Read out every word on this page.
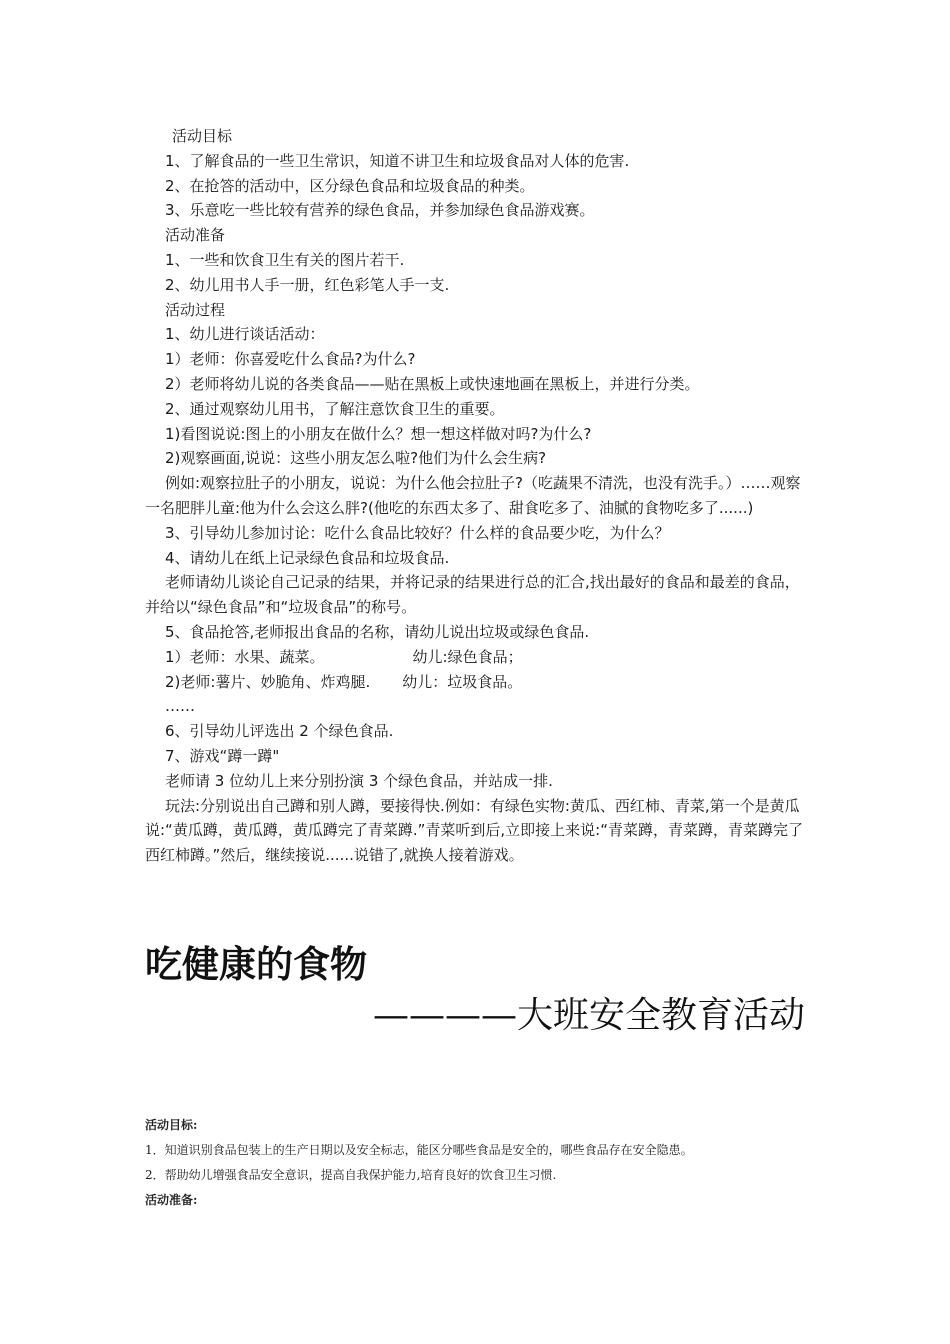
活动目标

1、了解食品的一些卫生常识，知道不讲卫生和垃圾食品对人体的危害.

2、在抢答的活动中，区分绿色食品和垃圾食品的种类。

3、乐意吃一些比较有营养的绿色食品，并参加绿色食品游戏赛。

活动准备

1、一些和饮食卫生有关的图片若干.

2、幼儿用书人手一册，红色彩笔人手一支.

活动过程

1、幼儿进行谈话活动：

1）老师：你喜爱吃什么食品?为什么?

2）老师将幼儿说的各类食品——贴在黑板上或快速地画在黑板上，并进行分类。

2、通过观察幼儿用书，了解注意饮食卫生的重要。

1)看图说说:图上的小朋友在做什么？想一想这样做对吗?为什么?

2)观察画面,说说：这些小朋友怎么啦?他们为什么会生病?

例如:观察拉肚子的小朋友，说说：为什么他会拉肚子?（吃蔬果不清洗，也没有洗手。）……观察一名肥胖儿童:他为什么会这么胖?(他吃的东西太多了、甜食吃多了、油腻的食物吃多了......)

3、引导幼儿参加讨论：吃什么食品比较好？什么样的食品要少吃，为什么？

4、请幼儿在纸上记录绿色食品和垃圾食品.

老师请幼儿谈论自己记录的结果，并将记录的结果进行总的汇合,找出最好的食品和最差的食品，并给以“绿色食品”和“垃圾食品”的称号。

5、食品抢答,老师报出食品的名称，请幼儿说出垃圾或绿色食品.

1）老师：水果、蔬菜。	幼儿:绿色食品；

2)老师:薯片、妙脆角、炸鸡腿. 幼儿：垃圾食品。

……

6、引导幼儿评选出 2 个绿色食品.

7、游戏“蹲一蹲"

老师请 3 位幼儿上来分别扮演 3 个绿色食品，并站成一排.

玩法:分别说出自己蹲和别人蹲，要接得快.例如：有绿色实物:黄瓜、西红柿、青菜,第一个是黄瓜说:“黄瓜蹲，黄瓜蹲，黄瓜蹲完了青菜蹲.”青菜听到后,立即接上来说:“青菜蹲，青菜蹲，青菜蹲完了西红柿蹲。”然后，继续接说......说错了,就换人接着游戏。

吃健康的食物

————大班安全教育活动

活动目标:

1．知道识别食品包装上的生产日期以及安全标志，能区分哪些食品是安全的，哪些食品存在安全隐患。

2．帮助幼儿增强食品安全意识，提高自我保护能力,培育良好的饮食卫生习惯.

活动准备:
